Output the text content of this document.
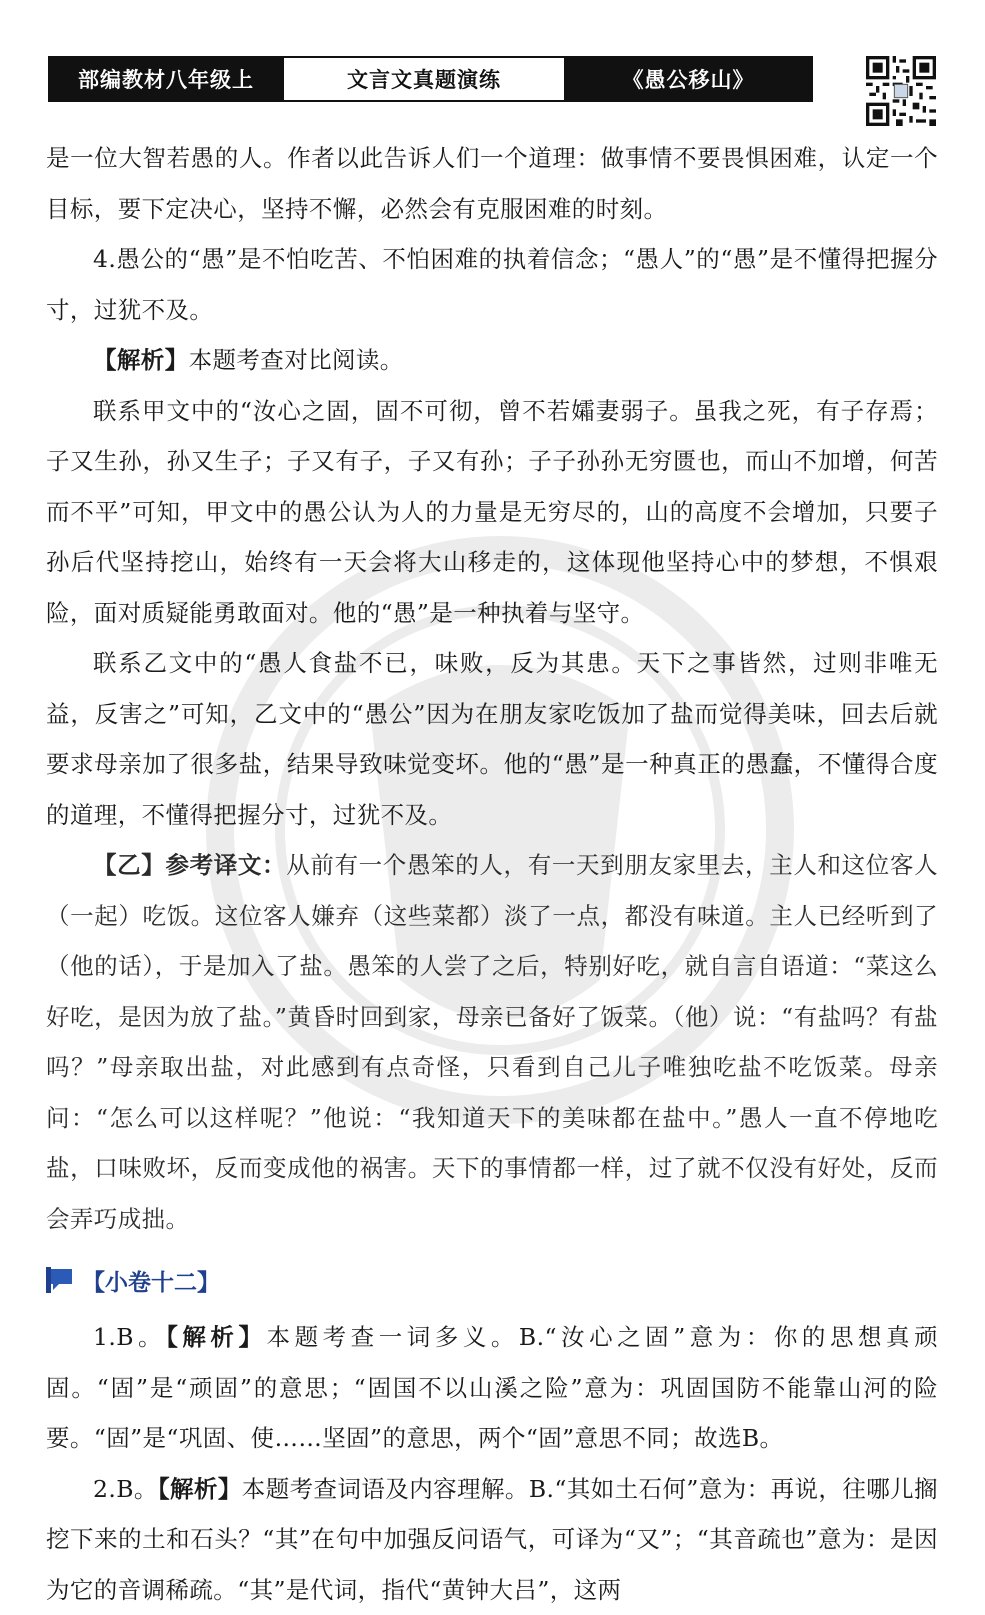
部编教材八年级上	文言文真题演练	《愚公移山》

是一位大智若愚的人。作者以此告诉人们一个道理：做事情不要畏惧困难，认定一个目标，要下定决心，坚持不懈，必然会有克服困难的时刻。

4.愚公的“愚”是不怕吃苦、不怕困难的执着信念；“愚人”的“愚”是不懂得把握分寸，过犹不及。

【解析】本题考查对比阅读。

联系甲文中的“汝心之固，固不可彻，曾不若孀妻弱子。虽我之死，有子存焉；子又生孙，孙又生子；子又有子，子又有孙；子子孙孙无穷匮也，而山不加增，何苦而不平”可知，甲文中的愚公认为人的力量是无穷尽的，山的高度不会增加，只要子孙后代坚持挖山，始终有一天会将大山移走的，这体现他坚持心中的梦想，不惧艰险，面对质疑能勇敢面对。他的“愚”是一种执着与坚守。

联系乙文中的“愚人食盐不已，味败，反为其患。天下之事皆然，过则非唯无益，反害之”可知，乙文中的“愚公”因为在朋友家吃饭加了盐而觉得美味，回去后就要求母亲加了很多盐，结果导致味觉变坏。他的“愚”是一种真正的愚蠢，不懂得合度的道理，不懂得把握分寸，过犹不及。

【乙】参考译文：从前有一个愚笨的人，有一天到朋友家里去，主人和这位客人（一起）吃饭。这位客人嫌弃（这些菜都）淡了一点，都没有味道。主人已经听到了（他的话），于是加入了盐。愚笨的人尝了之后，特别好吃，就自言自语道：“菜这么好吃，是因为放了盐。”黄昏时回到家，母亲已备好了饭菜。（他）说：“有盐吗？有盐吗？”母亲取出盐，对此感到有点奇怪，只看到自己儿子唯独吃盐不吃饭菜。母亲问：“怎么可以这样呢？”他说：“我知道天下的美味都在盐中。”愚人一直不停地吃盐，口味败坏，反而变成他的祸害。天下的事情都一样，过了就不仅没有好处，反而会弄巧成拙。

【小卷十二】

1.B。【解析】本题考查一词多义。B.“汝心之固”意为：你的思想真顽固。“固”是“顽固”的意思；“固国不以山溪之险”意为：巩固国防不能靠山河的险要。“固”是“巩固、使……坚固”的意思，两个“固”意思不同；故选B。

2.B。【解析】本题考查词语及内容理解。B.“其如土石何”意为：再说，往哪儿搁挖下来的土和石头？“其”在句中加强反问语气，可译为“又”；“其音疏也”意为：是因为它的音调稀疏。“其”是代词，指代“黄钟大吕”，这两
